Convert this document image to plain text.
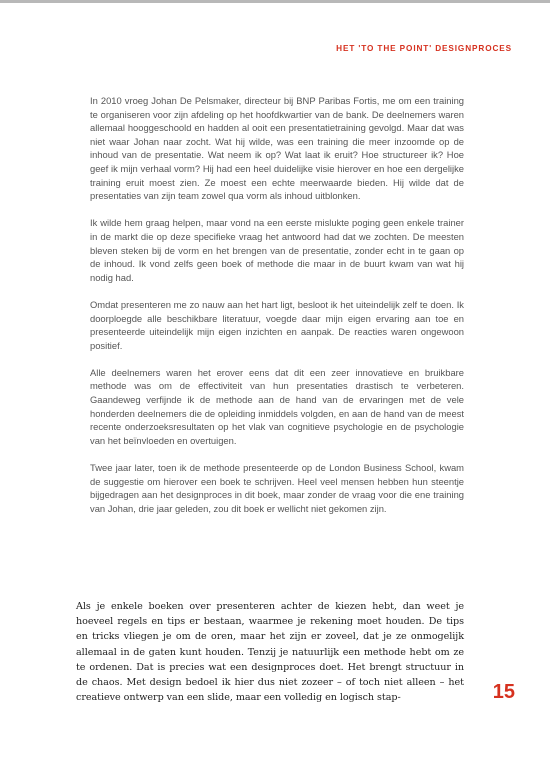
HET 'TO THE POINT' DESIGNPROCES

In 2010 vroeg Johan De Pelsmaker, directeur bij BNP Paribas Fortis, me om een training te organiseren voor zijn afdeling op het hoofdkwartier van de bank. De deelnemers waren allemaal hooggeschoold en hadden al ooit een presentatietraining gevolgd. Maar dat was niet waar Johan naar zocht. Wat hij wilde, was een training die meer inzoomde op de inhoud van de presentatie. Wat neem ik op? Wat laat ik eruit? Hoe structureer ik? Hoe geef ik mijn verhaal vorm? Hij had een heel duidelijke visie hierover en hoe een dergelijke training eruit moest zien. Ze moest een echte meerwaarde bieden. Hij wilde dat de presentaties van zijn team zowel qua vorm als inhoud uitblonken.

Ik wilde hem graag helpen, maar vond na een eerste mislukte poging geen enkele trainer in de markt die op deze specifieke vraag het antwoord had dat we zochten. De meesten bleven steken bij de vorm en het brengen van de presentatie, zonder echt in te gaan op de inhoud. Ik vond zelfs geen boek of methode die maar in de buurt kwam van wat hij nodig had.

Omdat presenteren me zo nauw aan het hart ligt, besloot ik het uiteindelijk zelf te doen. Ik doorploegde alle beschikbare literatuur, voegde daar mijn eigen ervaring aan toe en presenteerde uiteindelijk mijn eigen inzichten en aanpak. De reacties waren ongewoon positief.

Alle deelnemers waren het erover eens dat dit een zeer innovatieve en bruikbare methode was om de effectiviteit van hun presentaties drastisch te verbeteren. Gaandeweg verfijnde ik de methode aan de hand van de ervaringen met de vele honderden deelnemers die de opleiding inmiddels volgden, en aan de hand van de meest recente onderzoeksresultaten op het vlak van cognitieve psychologie en de psychologie van het beïnvloeden en overtuigen.

Twee jaar later, toen ik de methode presenteerde op de London Business School, kwam de suggestie om hierover een boek te schrijven. Heel veel mensen hebben hun steentje bijgedragen aan het designproces in dit boek, maar zonder de vraag voor die ene training van Johan, drie jaar geleden, zou dit boek er wellicht niet gekomen zijn.

Als je enkele boeken over presenteren achter de kiezen hebt, dan weet je hoeveel regels en tips er bestaan, waarmee je rekening moet houden. De tips en tricks vliegen je om de oren, maar het zijn er zoveel, dat je ze onmogelijk allemaal in de gaten kunt houden. Tenzij je natuurlijk een methode hebt om ze te ordenen. Dat is precies wat een designproces doet. Het brengt structuur in de chaos. Met design bedoel ik hier dus niet zozeer – of toch niet alleen – het creatieve ontwerp van een slide, maar een volledig en logisch stap-	15
